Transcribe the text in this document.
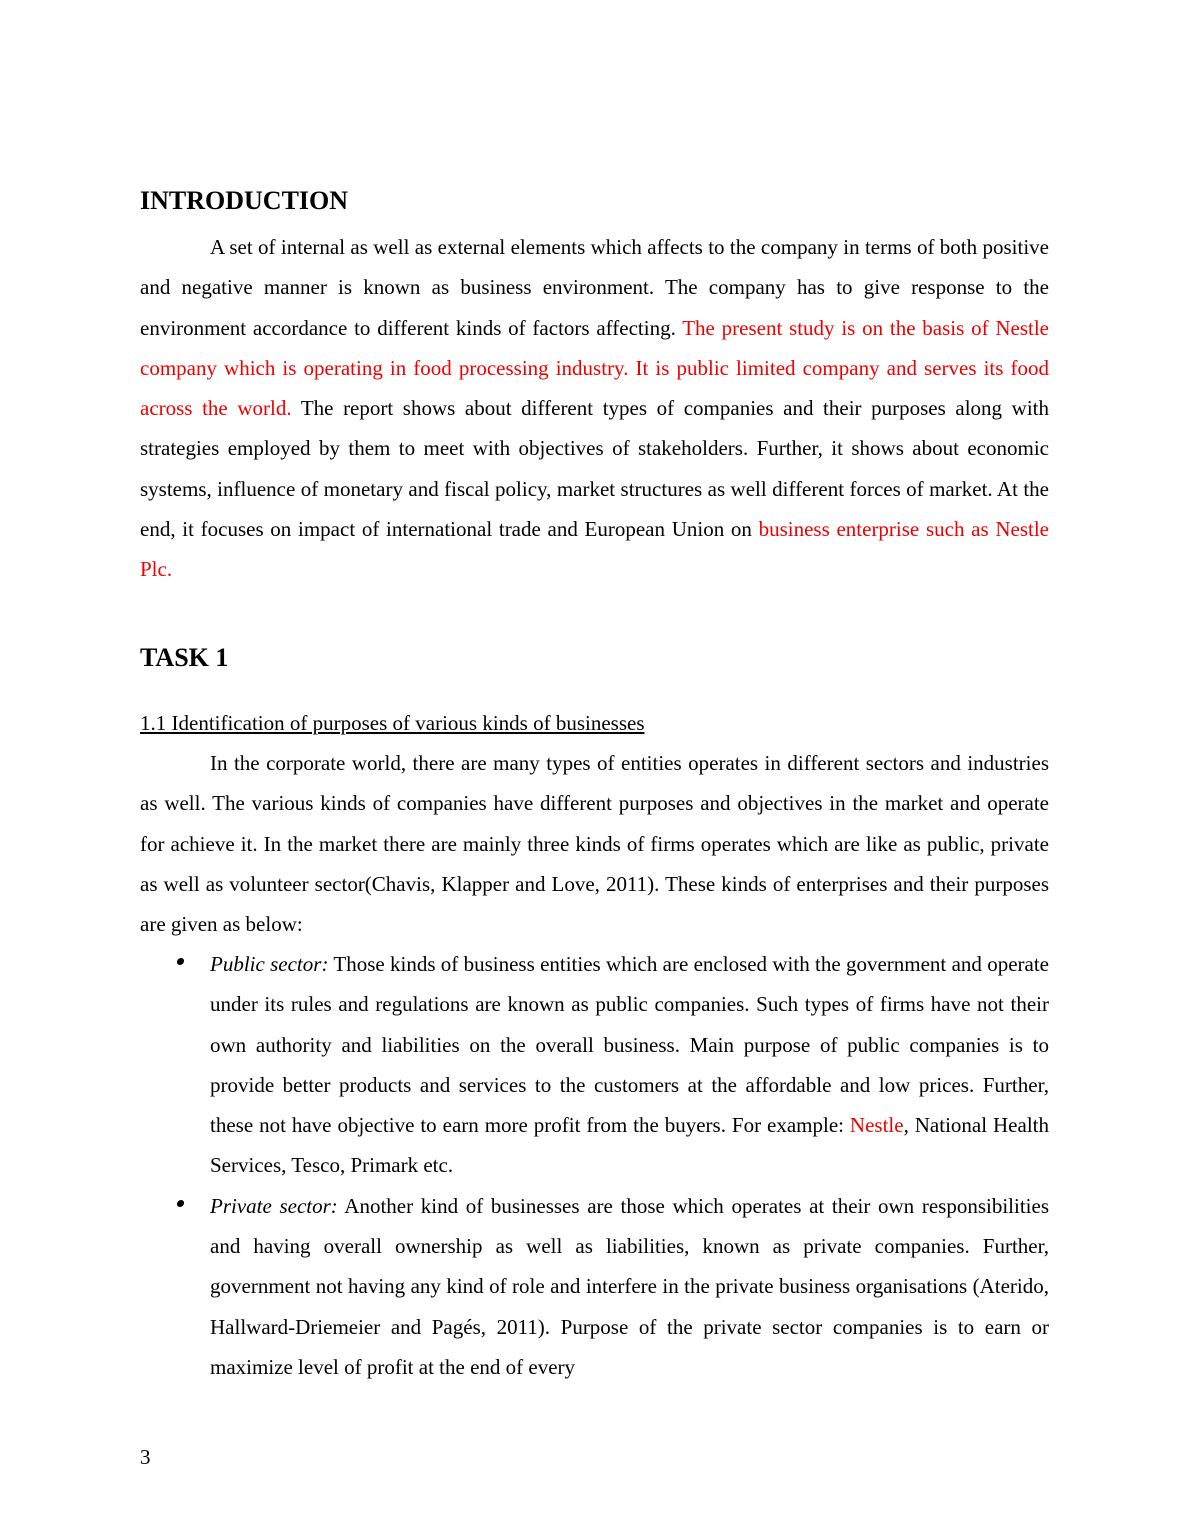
INTRODUCTION

A set of internal as well as external elements which affects to the company in terms of both positive and negative manner is known as business environment. The company has to give response to the environment accordance to different kinds of factors affecting. The present study is on the basis of Nestle company which is operating in food processing industry. It is public limited company and serves its food across the world. The report shows about different types of companies and their purposes along with strategies employed by them to meet with objectives of stakeholders. Further, it shows about economic systems, influence of monetary and fiscal policy, market structures as well different forces of market. At the end, it focuses on impact of international trade and European Union on business enterprise such as Nestle Plc.

TASK 1

1.1 Identification of purposes of various kinds of businesses

In the corporate world, there are many types of entities operates in different sectors and industries as well. The various kinds of companies have different purposes and objectives in the market and operate for achieve it. In the market there are mainly three kinds of firms operates which are like as public, private as well as volunteer sector(Chavis, Klapper and Love, 2011). These kinds of enterprises and their purposes are given as below:

Public sector: Those kinds of business entities which are enclosed with the government and operate under its rules and regulations are known as public companies. Such types of firms have not their own authority and liabilities on the overall business. Main purpose of public companies is to provide better products and services to the customers at the affordable and low prices. Further, these not have objective to earn more profit from the buyers. For example: Nestle, National Health Services, Tesco, Primark etc.
Private sector: Another kind of businesses are those which operates at their own responsibilities and having overall ownership as well as liabilities, known as private companies. Further, government not having any kind of role and interfere in the private business organisations (Aterido, Hallward-Driemeier and Pagés, 2011). Purpose of the private sector companies is to earn or maximize level of profit at the end of every
3
